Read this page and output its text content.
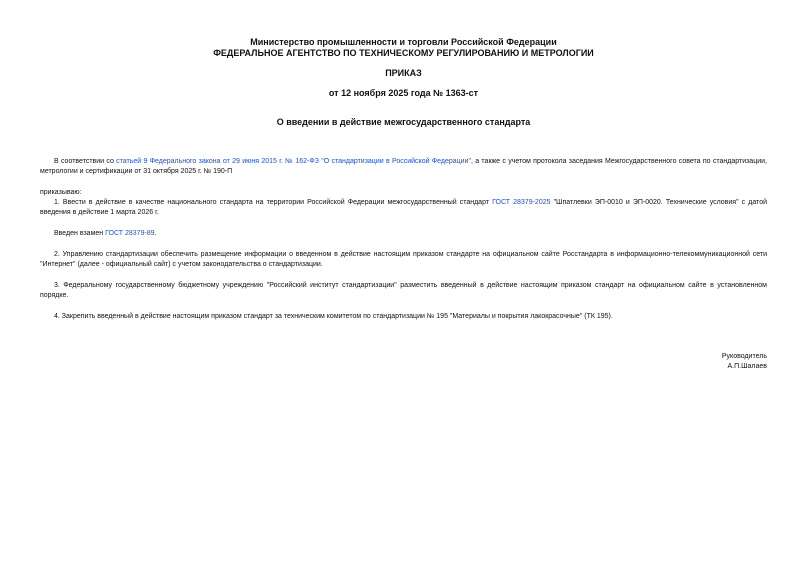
Министерство промышленности и торговли Российской Федерации
ФЕДЕРАЛЬНОЕ АГЕНТСТВО ПО ТЕХНИЧЕСКОМУ РЕГУЛИРОВАНИЮ И МЕТРОЛОГИИ
ПРИКАЗ
от 12 ноября 2025 года № 1363-ст
О введении в действие межгосударственного стандарта
В соответствии со статьей 9 Федерального закона от 29 июня 2015 г. № 162-ФЗ "О стандартизации в Российской Федерации", а также с учетом протокола заседания Межгосударственного совета по стандартизации, метрологии и сертификации от 31 октября 2025 г. № 190-П
приказываю:
1. Ввести в действие в качестве национального стандарта на территории Российской Федерации межгосударственный стандарт ГОСТ 28379-2025 "Шпатлевки ЭП-0010 и ЭП-0020. Технические условия" с датой введения в действие 1 марта 2026 г.
Введен взамен ГОСТ 28379-89.
2. Управлению стандартизации обеспечить размещение информации о введенном в действие настоящим приказом стандарте на официальном сайте Росстандарта в информационно-телекоммуникационной сети "Интернет" (далее - официальный сайт) с учетом законодательства о стандартизации.
3. Федеральному государственному бюджетному учреждению "Российский институт стандартизации" разместить введенный в действие настоящим приказом стандарт на официальном сайте в установленном порядке.
4. Закрепить введенный в действие настоящим приказом стандарт за техническим комитетом по стандартизации № 195 "Материалы и покрытия лакокрасочные" (ТК 195).
Руководитель
А.П.Шалаев
